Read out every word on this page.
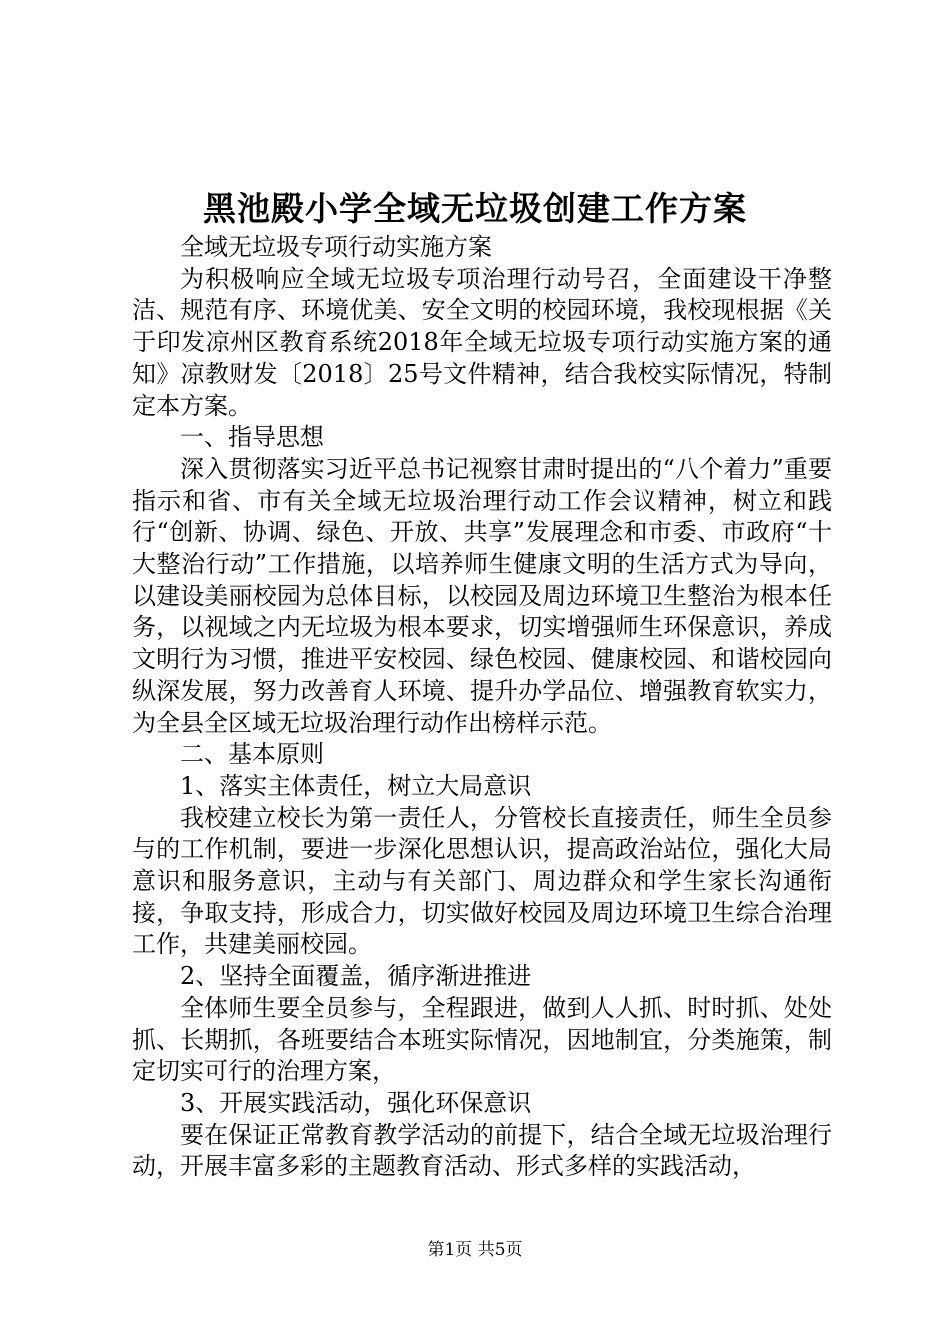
黑池殿小学全域无垃圾创建工作方案

全域无垃圾专项行动实施方案

为积极响应全域无垃圾专项治理行动号召，全面建设干净整洁、规范有序、环境优美、安全文明的校园环境，我校现根据《关于印发凉州区教育系统2018年全域无垃圾专项行动实施方案的通知》凉教财发〔2018〕25号文件精神，结合我校实际情况，特制定本方案。

一、指导思想

深入贯彻落实习近平总书记视察甘肃时提出的“八个着力”重要指示和省、市有关全域无垃圾治理行动工作会议精神，树立和践行“创新、协调、绿色、开放、共享”发展理念和市委、市政府“十大整治行动”工作措施，以培养师生健康文明的生活方式为导向，以建设美丽校园为总体目标，以校园及周边环境卫生整治为根本任务，以视域之内无垃圾为根本要求，切实增强师生环保意识，养成文明行为习惯，推进平安校园、绿色校园、健康校园、和谐校园向纵深发展，努力改善育人环境、提升办学品位、增强教育软实力，为全县全区域无垃圾治理行动作出榜样示范。

二、基本原则

1、落实主体责任，树立大局意识

我校建立校长为第一责任人，分管校长直接责任，师生全员参与的工作机制，要进一步深化思想认识，提高政治站位，强化大局意识和服务意识，主动与有关部门、周边群众和学生家长沟通衔接，争取支持，形成合力，切实做好校园及周边环境卫生综合治理工作，共建美丽校园。

2、坚持全面覆盖，循序渐进推进

全体师生要全员参与，全程跟进，做到人人抓、时时抓、处处抓、长期抓，各班要结合本班实际情况，因地制宜，分类施策，制定切实可行的治理方案，

3、开展实践活动，强化环保意识

要在保证正常教育教学活动的前提下，结合全域无垃圾治理行动，开展丰富多彩的主题教育活动、形式多样的实践活动，

第1页 共5页
